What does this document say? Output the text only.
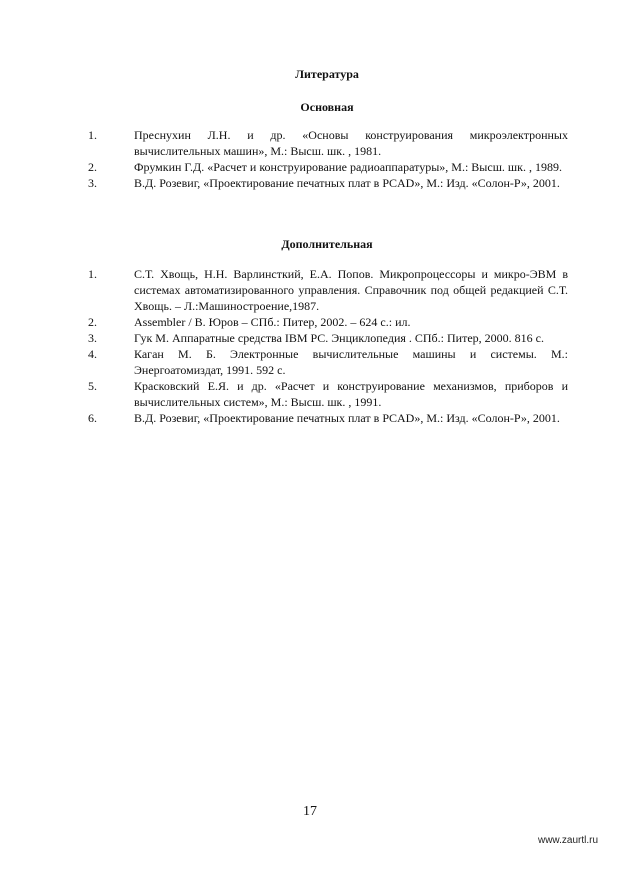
Литература
Основная
1.	Преснухин Л.Н. и др. «Основы конструирования микроэлектронных вычислительных машин», М.: Высш. шк. , 1981.
2.	Фрумкин Г.Д. «Расчет и конструирование радиоаппаратуры», М.: Высш. шк. , 1989.
3.	В.Д. Розевиг, «Проектирование печатных плат в PCAD», М.: Изд. «Солон-Р», 2001.
Дополнительная
1.	С.Т. Хвощь, Н.Н. Варлинсткий, Е.А. Попов. Микропроцессоры и микро-ЭВМ в системах автоматизированного управления. Справочник под общей редакцией С.Т. Хвощь. – Л.:Машиностроение,1987.
2.	Assembler / В. Юров – СПб.: Питер, 2002. – 624 с.: ил.
3.	Гук М. Аппаратные средства IBM PC. Энциклопедия . СПб.: Питер, 2000. 816 с.
4.	Каган М. Б. Электронные вычислительные машины и системы. М.: Энергоатомиздат, 1991. 592 с.
5.	Красковский Е.Я. и др. «Расчет и конструирование механизмов, приборов и вычислительных систем», М.: Высш. шк. , 1991.
6.	В.Д. Розевиг, «Проектирование печатных плат в PCAD», М.: Изд. «Солон-Р», 2001.
17
www.zaurtl.ru
